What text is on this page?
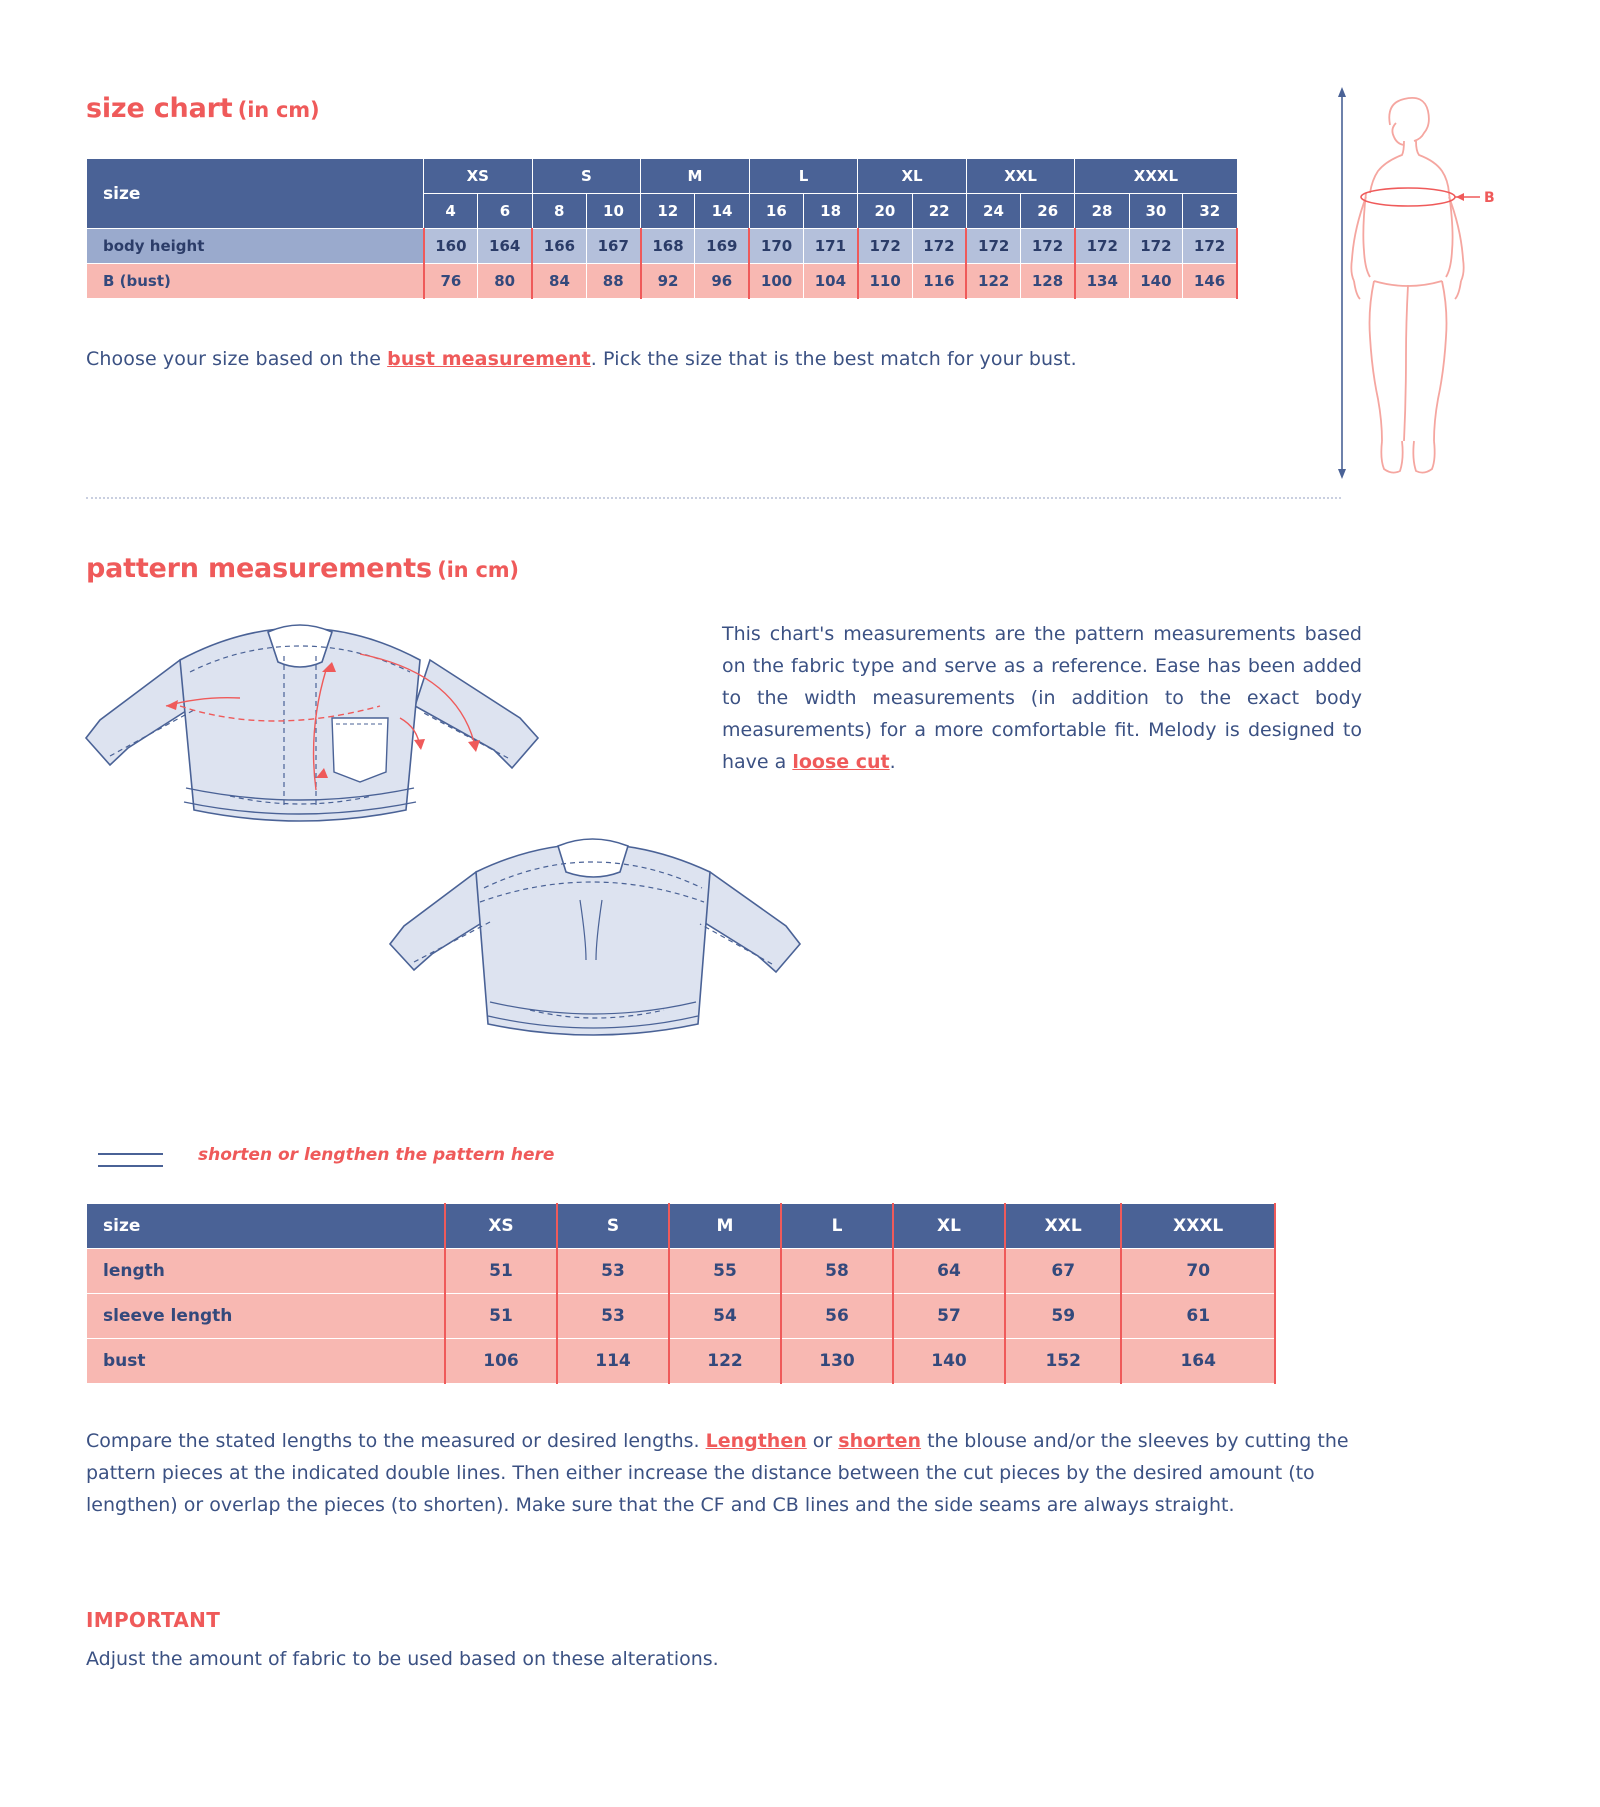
size chart (in cm)
size	XS		S		M		L		XL		XXL		XXXL		
	4	6	8	10	12	14	16	18	20	22	24	26	28	30	32
body height	160	164	166	167	168	169	170	171	172	172	172	172	172	172	172
B (bust)	76	80	84	88	92	96	100	104	110	116	122	128	134	140	146
Choose your size based on the bust measurement. Pick the size that is the best match for your bust.
B
pattern measurements (in cm)
This chart's measurements are the pattern measurements based on the fabric type and serve as a reference. Ease has been added to the width measurements (in addition to the exact body measurements) for a more comfortable fit. Melody is designed to have a loose cut.
shorten or lengthen the pattern here
size	XS	S	M	L	XL	XXL	XXXL
length	51	53	55	58	64	67	70
sleeve length	51	53	54	56	57	59	61
bust	106	114	122	130	140	152	164
Compare the stated lengths to the measured or desired lengths. Lengthen or shorten the blouse and/or the sleeves by cutting the pattern pieces at the indicated double lines. Then either increase the distance between the cut pieces by the desired amount (to lengthen) or overlap the pieces (to shorten). Make sure that the CF and CB lines and the side seams are always straight.
IMPORTANT
Adjust the amount of fabric to be used based on these alterations.
